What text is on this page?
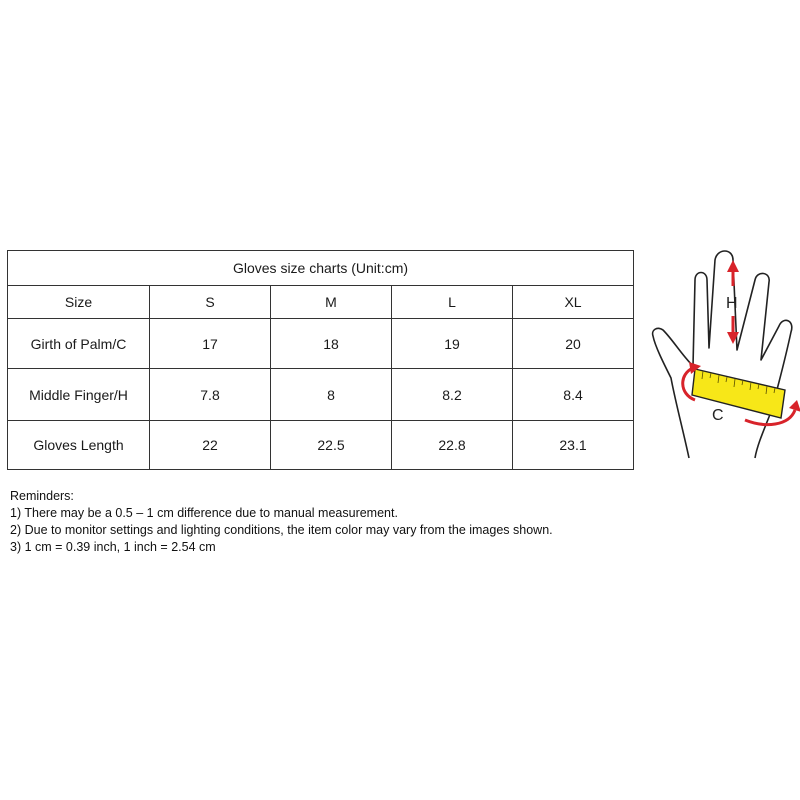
Gloves size charts (Unit:cm)				
Size	S	M	L	XL
Girth of Palm/C	17	18	19	20
Middle Finger/H	7.8	8	8.2	8.4
Gloves Length	22	22.5	22.8	23.1
Reminders:
1) There may be a 0.5 – 1 cm difference due to manual measurement.
2) Due to monitor settings and lighting conditions, the item color may vary from the images shown.
3) 1 cm = 0.39 inch, 1 inch = 2.54 cm
H
C
